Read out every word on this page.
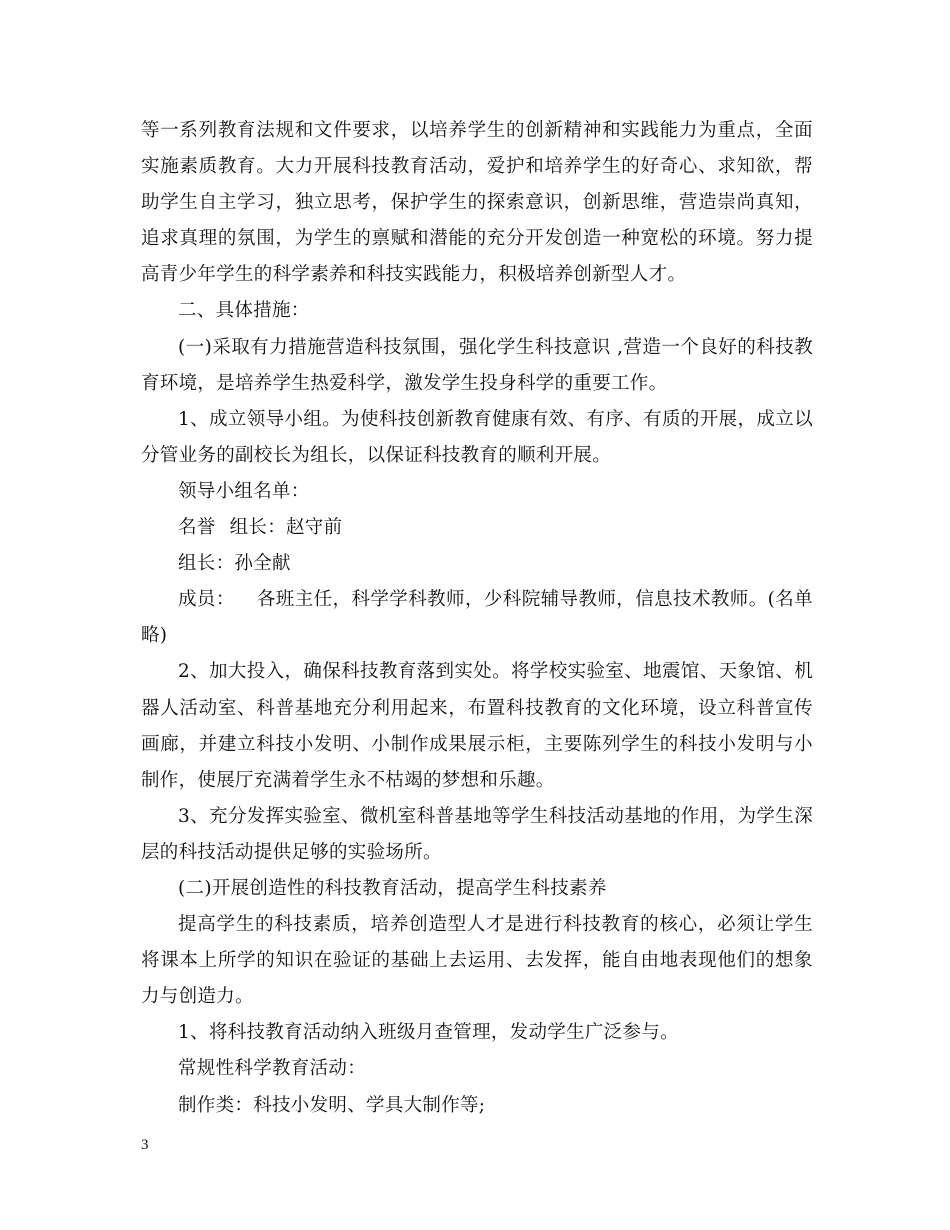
等一系列教育法规和文件要求，以培养学生的创新精神和实践能力为重点，全面实施素质教育。大力开展科技教育活动，爱护和培养学生的好奇心、求知欲，帮助学生自主学习，独立思考，保护学生的探索意识，创新思维，营造崇尚真知，追求真理的氛围，为学生的禀赋和潜能的充分开发创造一种宽松的环境。努力提高青少年学生的科学素养和科技实践能力，积极培养创新型人才。

二、具体措施：

(一)采取有力措施营造科技氛围，强化学生科技意识 ,营造一个良好的科技教育环境，是培养学生热爱科学，激发学生投身科学的重要工作。

1、成立领导小组。为使科技创新教育健康有效、有序、有质的开展，成立以分管业务的副校长为组长，以保证科技教育的顺利开展。

领导小组名单：

名誉 组长：赵守前

组长：孙全献

成员： 各班主任，科学学科教师，少科院辅导教师，信息技术教师。(名单略)

2、加大投入，确保科技教育落到实处。将学校实验室、地震馆、天象馆、机器人活动室、科普基地充分利用起来，布置科技教育的文化环境，设立科普宣传画廊，并建立科技小发明、小制作成果展示柜，主要陈列学生的科技小发明与小制作，使展厅充满着学生永不枯竭的梦想和乐趣。

3、充分发挥实验室、微机室科普基地等学生科技活动基地的作用，为学生深层的科技活动提供足够的实验场所。

(二)开展创造性的科技教育活动，提高学生科技素养

提高学生的科技素质，培养创造型人才是进行科技教育的核心，必须让学生将课本上所学的知识在验证的基础上去运用、去发挥，能自由地表现他们的想象力与创造力。

1、将科技教育活动纳入班级月查管理，发动学生广泛参与。

常规性科学教育活动：

制作类：科技小发明、学具大制作等;

3
